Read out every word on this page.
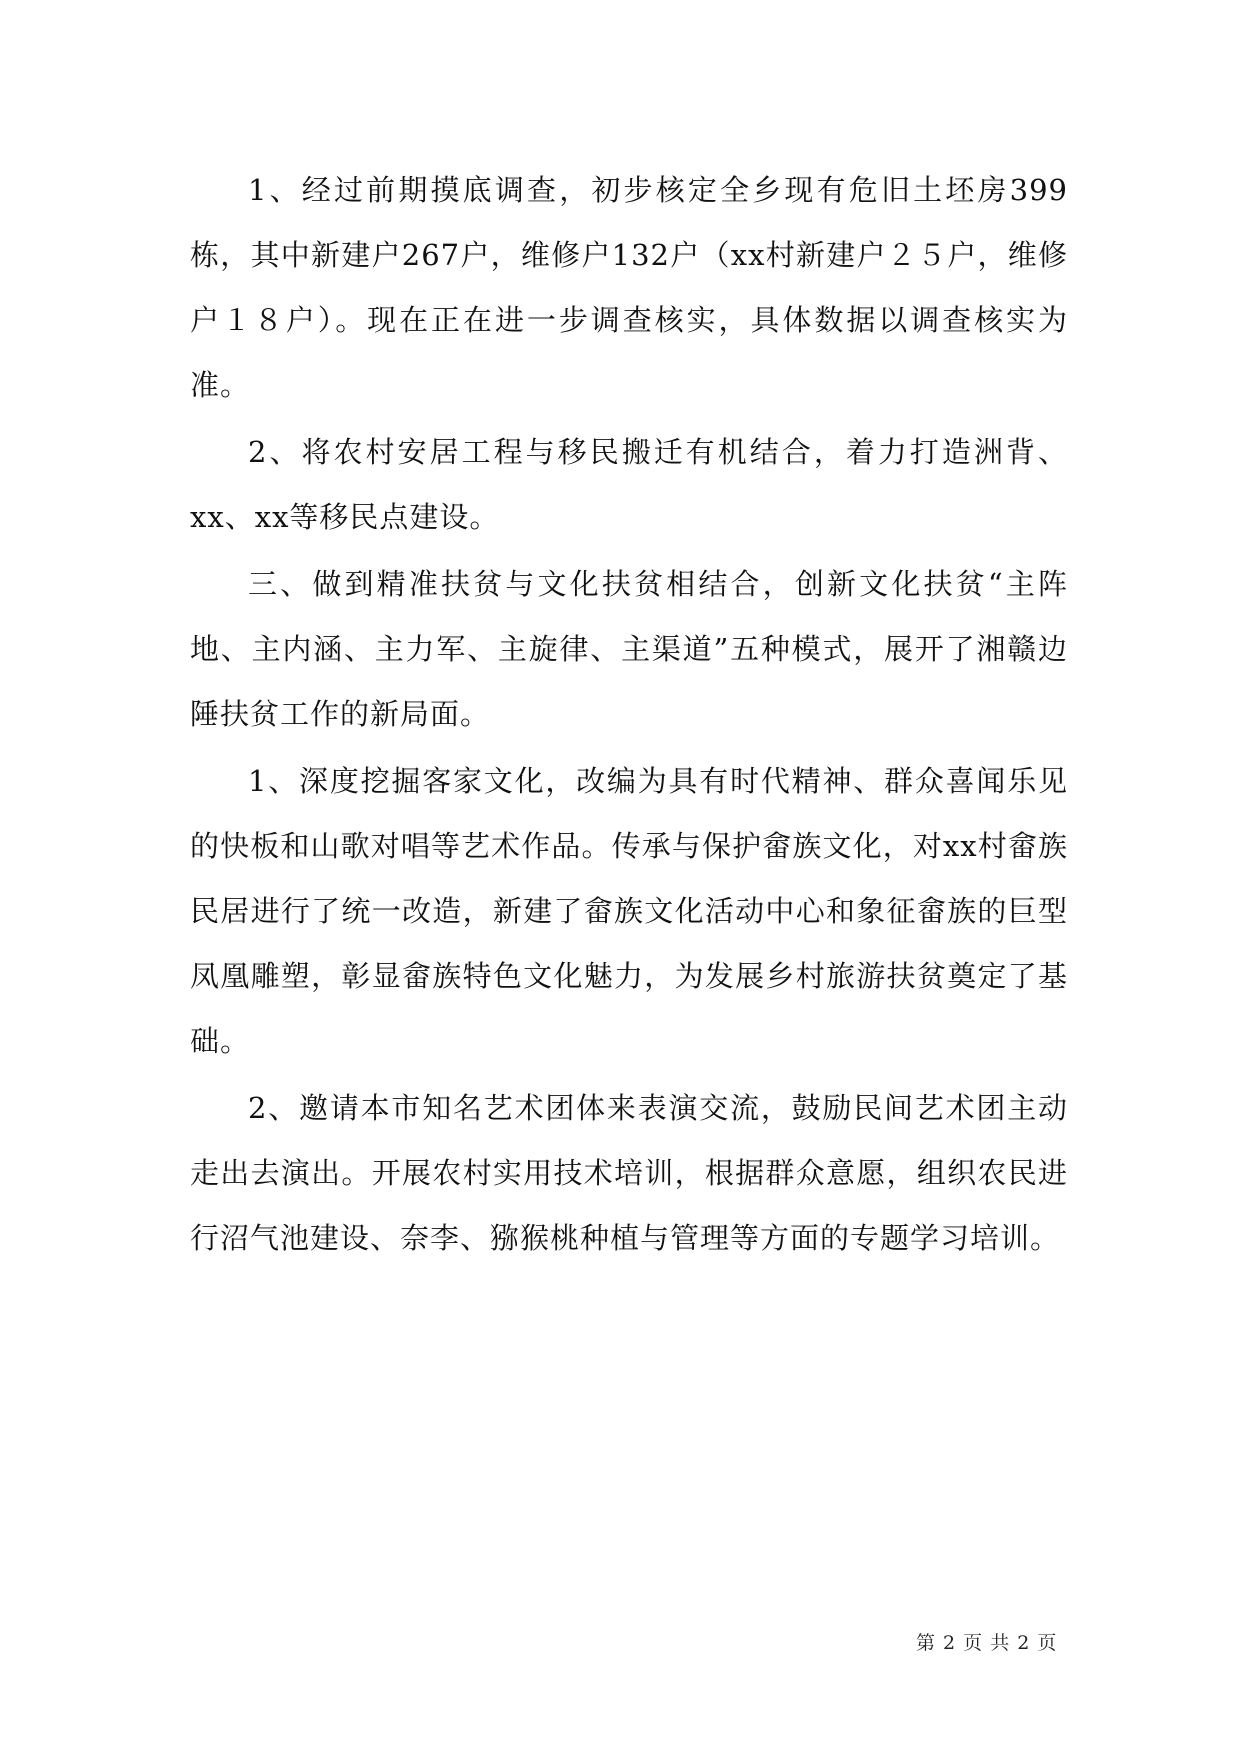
1、经过前期摸底调查，初步核定全乡现有危旧土坯房399栋，其中新建户267户，维修户132户（xx村新建户２５户，维修户１８户）。现在正在进一步调查核实，具体数据以调查核实为准。

2、将农村安居工程与移民搬迁有机结合，着力打造洲背、xx、xx等移民点建设。

三、做到精准扶贫与文化扶贫相结合，创新文化扶贫“主阵地、主内涵、主力军、主旋律、主渠道”五种模式，展开了湘赣边陲扶贫工作的新局面。

1、深度挖掘客家文化，改编为具有时代精神、群众喜闻乐见的快板和山歌对唱等艺术作品。传承与保护畲族文化，对xx村畲族民居进行了统一改造，新建了畲族文化活动中心和象征畲族的巨型凤凰雕塑，彰显畲族特色文化魅力，为发展乡村旅游扶贫奠定了基础。

2、邀请本市知名艺术团体来表演交流，鼓励民间艺术团主动走出去演出。开展农村实用技术培训，根据群众意愿，组织农民进行沼气池建设、奈李、猕猴桃种植与管理等方面的专题学习培训。

第 2 页 共 2 页
